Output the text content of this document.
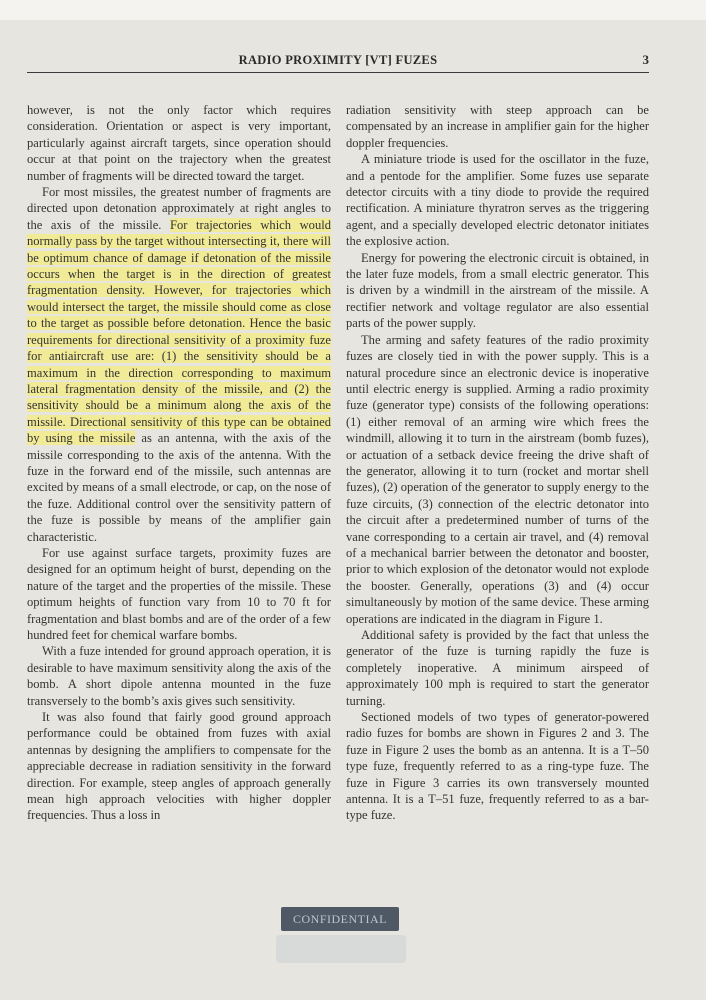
RADIO PROXIMITY [VT] FUZES	3

however, is not the only factor which requires consideration. Orientation or aspect is very important, particularly against aircraft targets, since operation should occur at that point on the trajectory when the greatest number of fragments will be directed toward the target.

For most missiles, the greatest number of fragments are directed upon detonation approximately at right angles to the axis of the missile. For trajectories which would normally pass by the target without intersecting it, there will be optimum chance of damage if detonation of the missile occurs when the target is in the direction of greatest fragmentation density. However, for trajectories which would intersect the target, the missile should come as close to the target as possible before detonation. Hence the basic requirements for directional sensitivity of a proximity fuze for antiaircraft use are: (1) the sensitivity should be a maximum in the direction corresponding to maximum lateral fragmentation density of the missile, and (2) the sensitivity should be a minimum along the axis of the missile. Directional sensitivity of this type can be obtained by using the missile as an antenna, with the axis of the missile corresponding to the axis of the antenna. With the fuze in the forward end of the missile, such antennas are excited by means of a small electrode, or cap, on the nose of the fuze. Additional control over the sensitivity pattern of the fuze is possible by means of the amplifier gain characteristic.

For use against surface targets, proximity fuzes are designed for an optimum height of burst, depending on the nature of the target and the properties of the missile. These optimum heights of function vary from 10 to 70 ft for fragmentation and blast bombs and are of the order of a few hundred feet for chemical warfare bombs.

With a fuze intended for ground approach operation, it is desirable to have maximum sensitivity along the axis of the bomb. A short dipole antenna mounted in the fuze transversely to the bomb’s axis gives such sensitivity.

It was also found that fairly good ground approach performance could be obtained from fuzes with axial antennas by designing the amplifiers to compensate for the appreciable decrease in radiation sensitivity in the forward direction. For example, steep angles of approach generally mean high approach velocities with higher doppler frequencies. Thus a loss in

radiation sensitivity with steep approach can be compensated by an increase in amplifier gain for the higher doppler frequencies.

A miniature triode is used for the oscillator in the fuze, and a pentode for the amplifier. Some fuzes use separate detector circuits with a tiny diode to provide the required rectification. A miniature thyratron serves as the triggering agent, and a specially developed electric detonator initiates the explosive action.

Energy for powering the electronic circuit is obtained, in the later fuze models, from a small electric generator. This is driven by a windmill in the airstream of the missile. A rectifier network and voltage regulator are also essential parts of the power supply.

The arming and safety features of the radio proximity fuzes are closely tied in with the power supply. This is a natural procedure since an electronic device is inoperative until electric energy is supplied. Arming a radio proximity fuze (generator type) consists of the following operations: (1) either removal of an arming wire which frees the windmill, allowing it to turn in the airstream (bomb fuzes), or actuation of a setback device freeing the drive shaft of the generator, allowing it to turn (rocket and mortar shell fuzes), (2) operation of the generator to supply energy to the fuze circuits, (3) connection of the electric detonator into the circuit after a predetermined number of turns of the vane corresponding to a certain air travel, and (4) removal of a mechanical barrier between the detonator and booster, prior to which explosion of the detonator would not explode the booster. Generally, operations (3) and (4) occur simultaneously by motion of the same device. These arming operations are indicated in the diagram in Figure 1.

Additional safety is provided by the fact that unless the generator of the fuze is turning rapidly the fuze is completely inoperative. A minimum airspeed of approximately 100 mph is required to start the generator turning.

Sectioned models of two types of generator-powered radio fuzes for bombs are shown in Figures 2 and 3. The fuze in Figure 2 uses the bomb as an antenna. It is a T–50 type fuze, frequently referred to as a ring-type fuze. The fuze in Figure 3 carries its own transversely mounted antenna. It is a T–51 fuze, frequently referred to as a bar-type fuze.

CONFIDENTIAL
